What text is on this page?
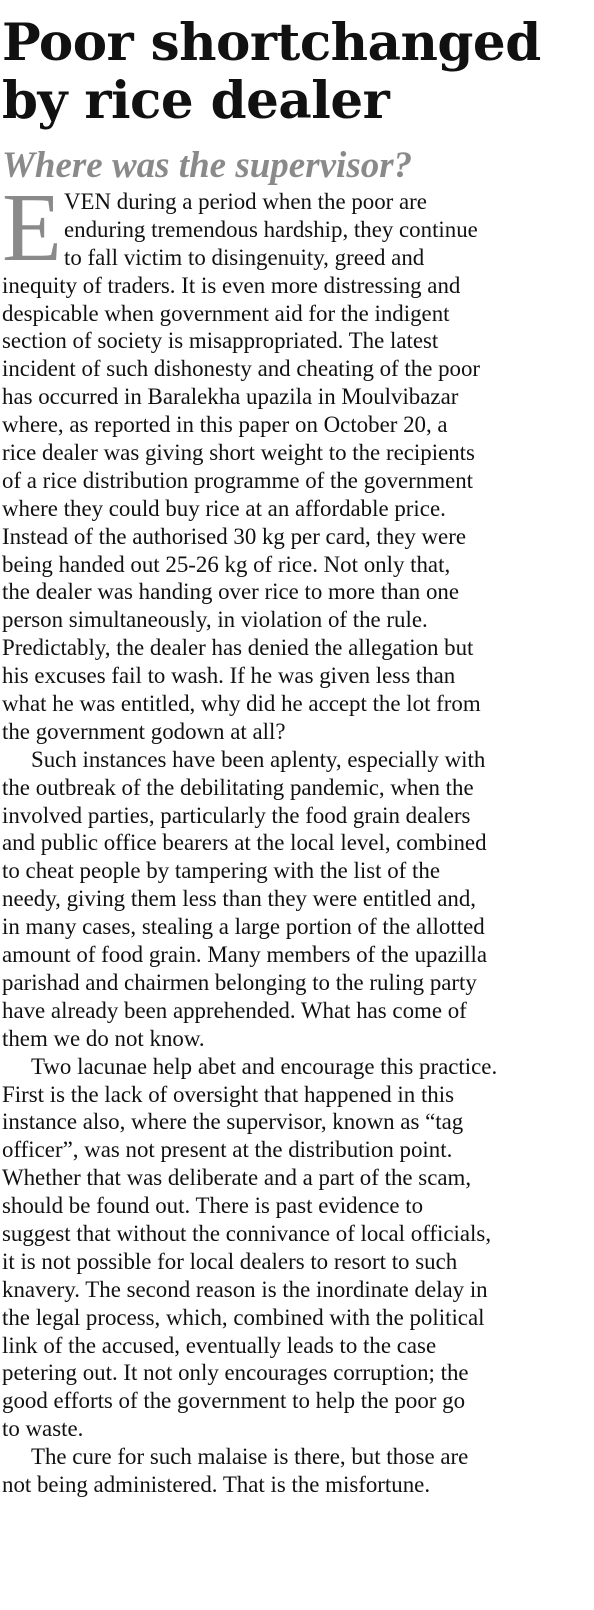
Poor shortchanged
by rice dealer
Where was the supervisor?
E VEN during a period when the poor are
enduring tremendous hardship, they continue
to fall victim to disingenuity, greed and
inequity of traders. It is even more distressing and
despicable when government aid for the indigent
section of society is misappropriated. The latest
incident of such dishonesty and cheating of the poor
has occurred in Baralekha upazila in Moulvibazar
where, as reported in this paper on October 20, a
rice dealer was giving short weight to the recipients
of a rice distribution programme of the government
where they could buy rice at an affordable price.
Instead of the authorised 30 kg per card, they were
being handed out 25-26 kg of rice. Not only that,
the dealer was handing over rice to more than one
person simultaneously, in violation of the rule.
Predictably, the dealer has denied the allegation but
his excuses fail to wash. If he was given less than
what he was entitled, why did he accept the lot from
the government godown at all?
Such instances have been aplenty, especially with
the outbreak of the debilitating pandemic, when the
involved parties, particularly the food grain dealers
and public office bearers at the local level, combined
to cheat people by tampering with the list of the
needy, giving them less than they were entitled and,
in many cases, stealing a large portion of the allotted
amount of food grain. Many members of the upazilla
parishad and chairmen belonging to the ruling party
have already been apprehended. What has come of
them we do not know.
Two lacunae help abet and encourage this practice.
First is the lack of oversight that happened in this
instance also, where the supervisor, known as “tag
officer”, was not present at the distribution point.
Whether that was deliberate and a part of the scam,
should be found out. There is past evidence to
suggest that without the connivance of local officials,
it is not possible for local dealers to resort to such
knavery. The second reason is the inordinate delay in
the legal process, which, combined with the political
link of the accused, eventually leads to the case
petering out. It not only encourages corruption; the
good efforts of the government to help the poor go
to waste.
The cure for such malaise is there, but those are
not being administered. That is the misfortune.
